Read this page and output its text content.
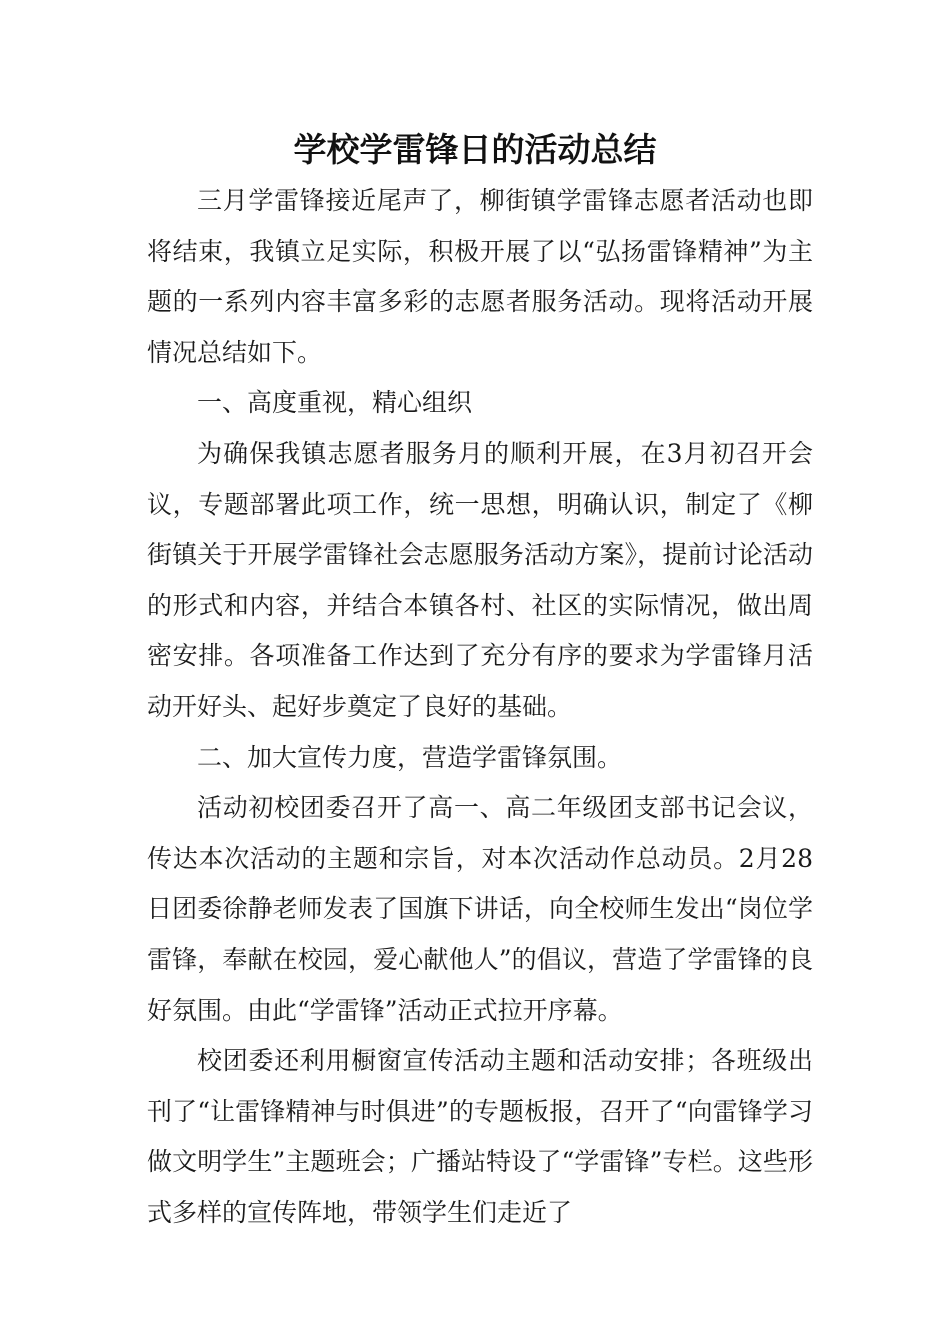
学校学雷锋日的活动总结

三月学雷锋接近尾声了，柳街镇学雷锋志愿者活动也即将结束，我镇立足实际，积极开展了以“弘扬雷锋精神”为主题的一系列内容丰富多彩的志愿者服务活动。现将活动开展情况总结如下。

一、高度重视，精心组织

为确保我镇志愿者服务月的顺利开展，在3月初召开会议，专题部署此项工作，统一思想，明确认识，制定了《柳街镇关于开展学雷锋社会志愿服务活动方案》，提前讨论活动的形式和内容，并结合本镇各村、社区的实际情况，做出周密安排。各项准备工作达到了充分有序的要求为学雷锋月活动开好头、起好步奠定了良好的基础。

二、加大宣传力度，营造学雷锋氛围。

活动初校团委召开了高一、高二年级团支部书记会议，传达本次活动的主题和宗旨，对本次活动作总动员。2月28日团委徐静老师发表了国旗下讲话，向全校师生发出“岗位学雷锋，奉献在校园，爱心献他人”的倡议，营造了学雷锋的良好氛围。由此“学雷锋”活动正式拉开序幕。

校团委还利用橱窗宣传活动主题和活动安排；各班级出刊了“让雷锋精神与时俱进”的专题板报，召开了“向雷锋学习做文明学生”主题班会；广播站特设了“学雷锋”专栏。这些形式多样的宣传阵地，带领学生们走近了
